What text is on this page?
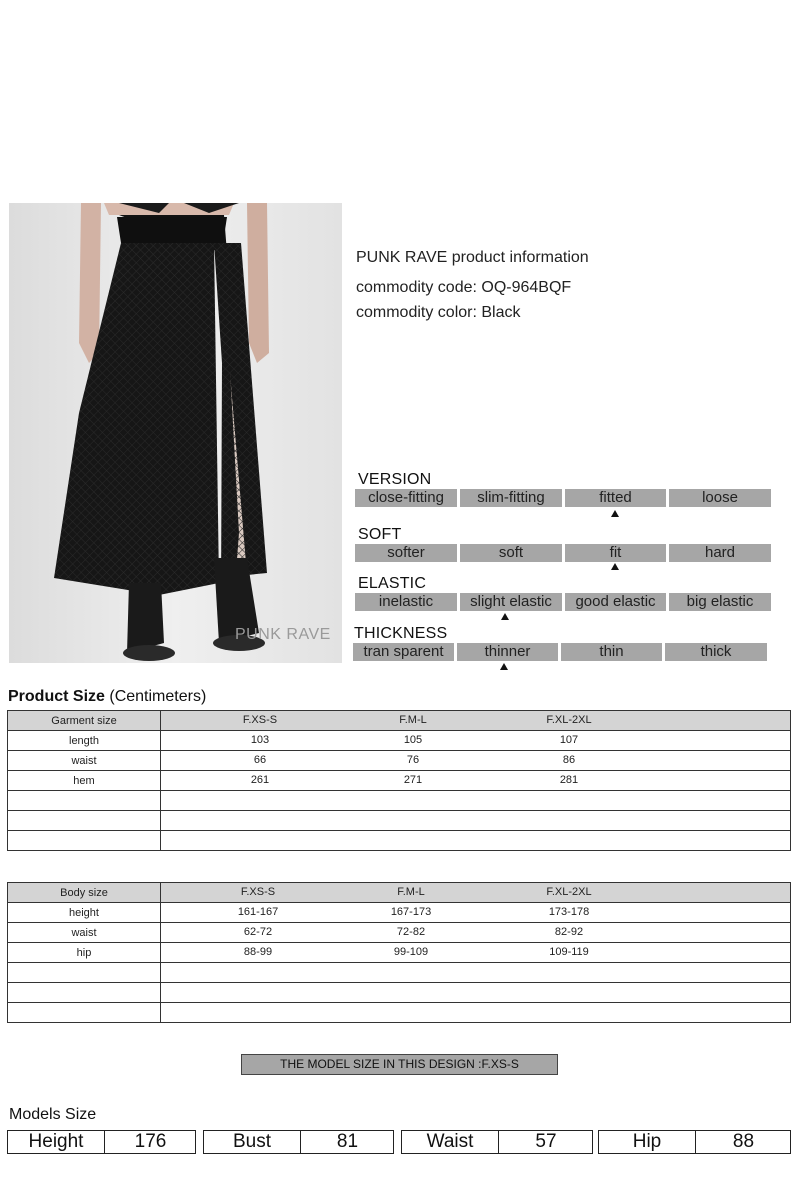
PUNK RAVE
PUNK RAVE product information
commodity code: OQ-964BQF
commodity color: Black
VERSION
close-fitting	slim-fitting	fitted	loose
SOFT
softer	soft	fit	hard
ELASTIC
inelastic	slight elastic	good elastic	big elastic
THICKNESS
tran sparent	thinner	thin	thick
Product Size (Centimeters)
Garment size	F.XS-S F.M-L F.XL-2XL

length	103 105 107

waist	66 76 86

hem	261 271 281

Body size	F.XS-S F.M-L F.XL-2XL

height	161-167 167-173 173-178

waist	62-72 72-82 82-92

hip	88-99 99-109 109-119

THE MODEL SIZE IN THIS DESIGN :F.XS-S
Models Size
Height	176	Bust	81	Waist	57	Hip	88
